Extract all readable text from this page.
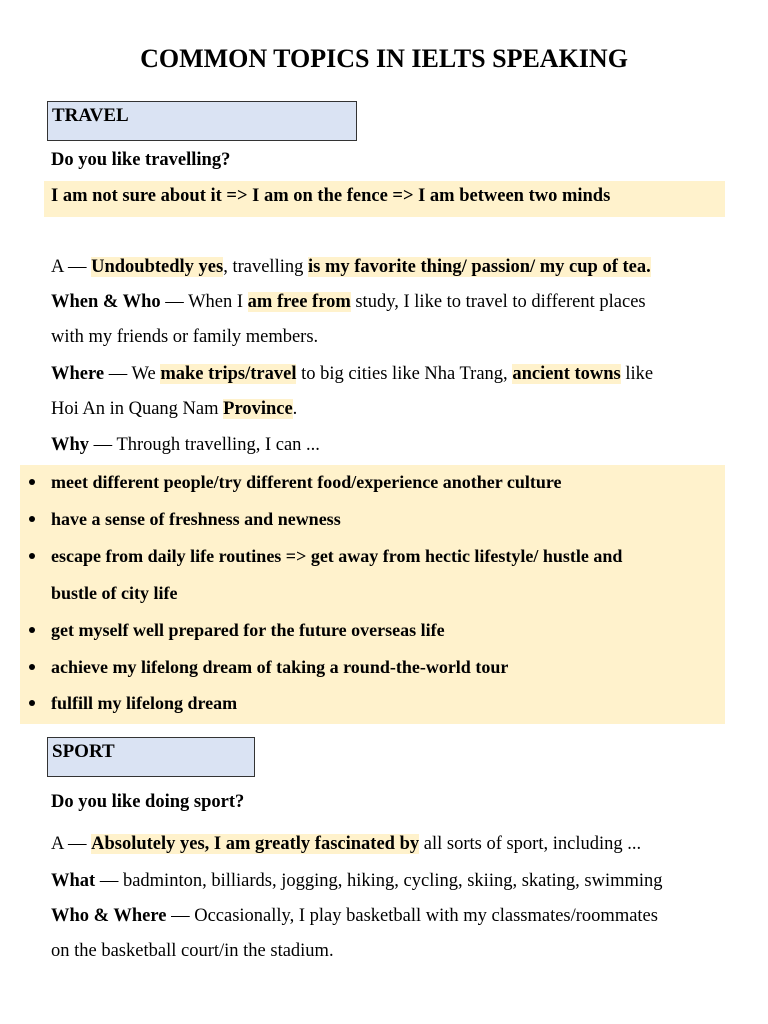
COMMON TOPICS IN IELTS SPEAKING
TRAVEL
Do you like travelling?
I am not sure about it => I am on the fence => I am between two minds
A — Undoubtedly yes, travelling is my favorite thing/ passion/ my cup of tea.
When & Who — When I am free from study, I like to travel to different places
with my friends or family members.
Where — We make trips/travel to big cities like Nha Trang, ancient towns like
Hoi An in Quang Nam Province.
Why — Through travelling, I can ...
meet different people/try different food/experience another culture
have a sense of freshness and newness
escape from daily life routines => get away from hectic lifestyle/ hustle and
bustle of city life
get myself well prepared for the future overseas life
achieve my lifelong dream of taking a round-the-world tour
fulfill my lifelong dream
SPORT
Do you like doing sport?
A — Absolutely yes, I am greatly fascinated by all sorts of sport, including ...
What — badminton, billiards, jogging, hiking, cycling, skiing, skating, swimming
Who & Where — Occasionally, I play basketball with my classmates/roommates
on the basketball court/in the stadium.
